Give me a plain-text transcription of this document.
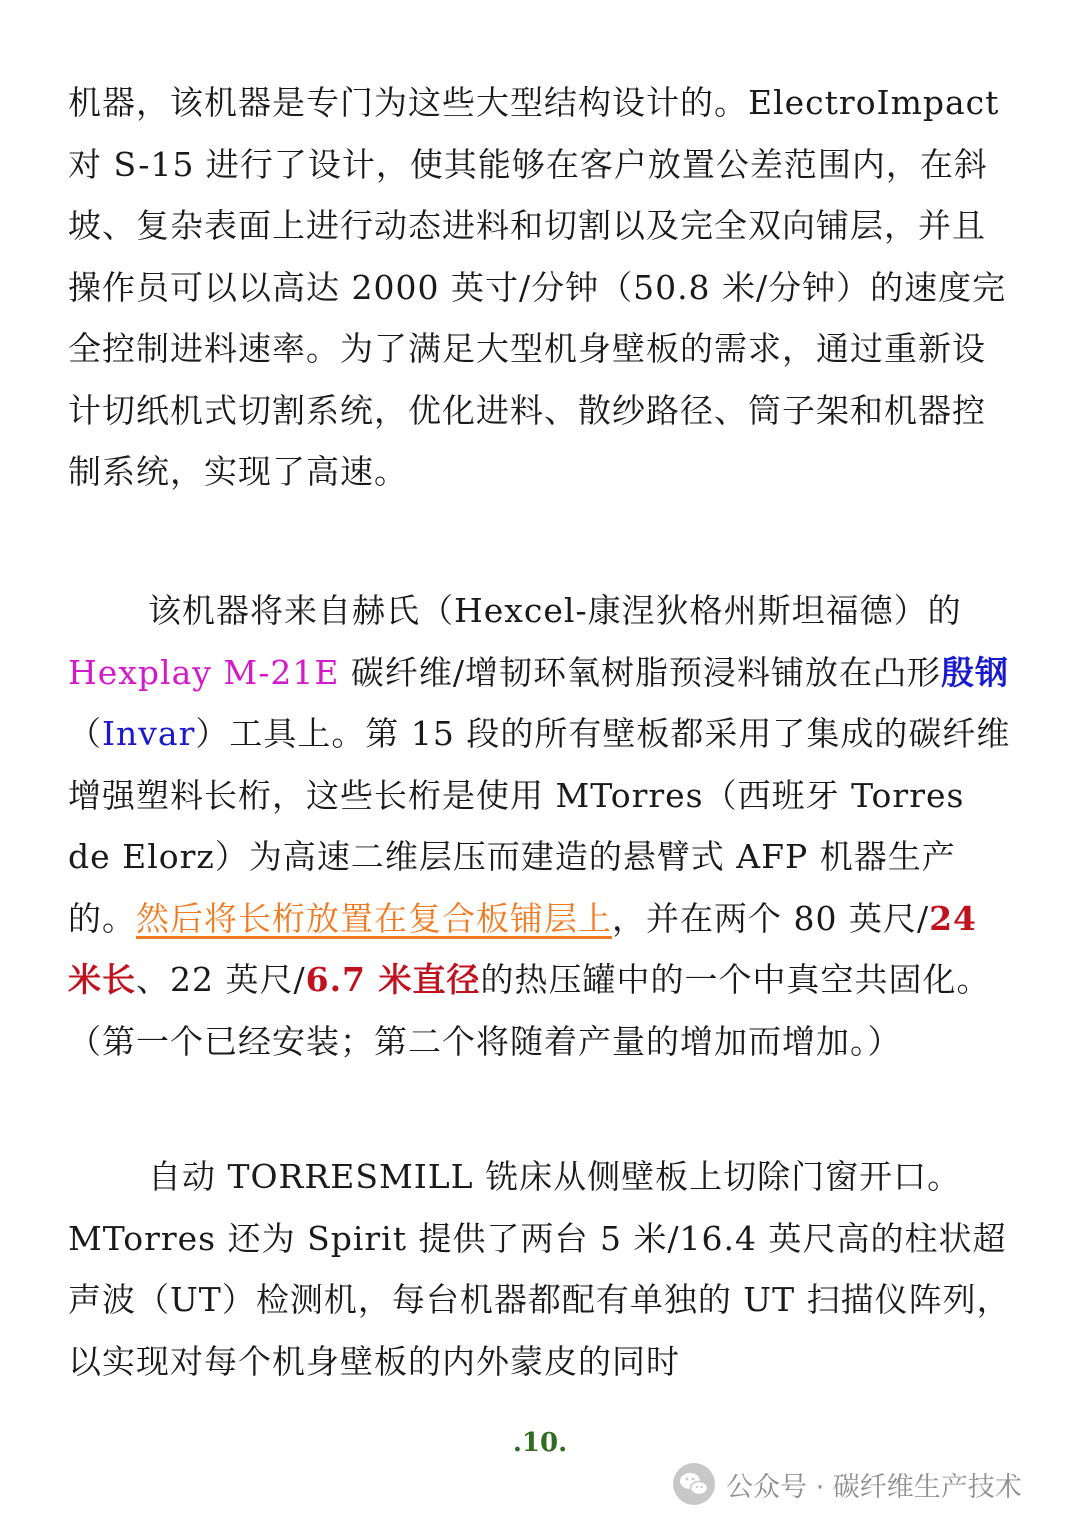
机器，该机器是专门为这些大型结构设计的。ElectroImpact 对 S-15 进行了设计，使其能够在客户放置公差范围内，在斜坡、复杂表面上进行动态进料和切割以及完全双向铺层，并且操作员可以以高达 2000 英寸/分钟（50.8 米/分钟）的速度完全控制进料速率。为了满足大型机身壁板的需求，通过重新设计切纸机式切割系统，优化进料、散纱路径、筒子架和机器控制系统，实现了高速。

该机器将来自赫氏（Hexcel-康涅狄格州斯坦福德）的 Hexplay M-21E 碳纤维/增韧环氧树脂预浸料铺放在凸形殷钢（Invar）工具上。第 15 段的所有壁板都采用了集成的碳纤维增强塑料长桁，这些长桁是使用 MTorres（西班牙 Torres de Elorz）为高速二维层压而建造的悬臂式 AFP 机器生产的。然后将长桁放置在复合板铺层上，并在两个 80 英尺/24 米长、22 英尺/6.7 米直径的热压罐中的一个中真空共固化。（第一个已经安装；第二个将随着产量的增加而增加。）

自动 TORRESMILL 铣床从侧壁板上切除门窗开口。MTorres 还为 Spirit 提供了两台 5 米/16.4 英尺高的柱状超声波（UT）检测机，每台机器都配有单独的 UT 扫描仪阵列，以实现对每个机身壁板的内外蒙皮的同时

.10.
公众号 · 碳纤维生产技术
